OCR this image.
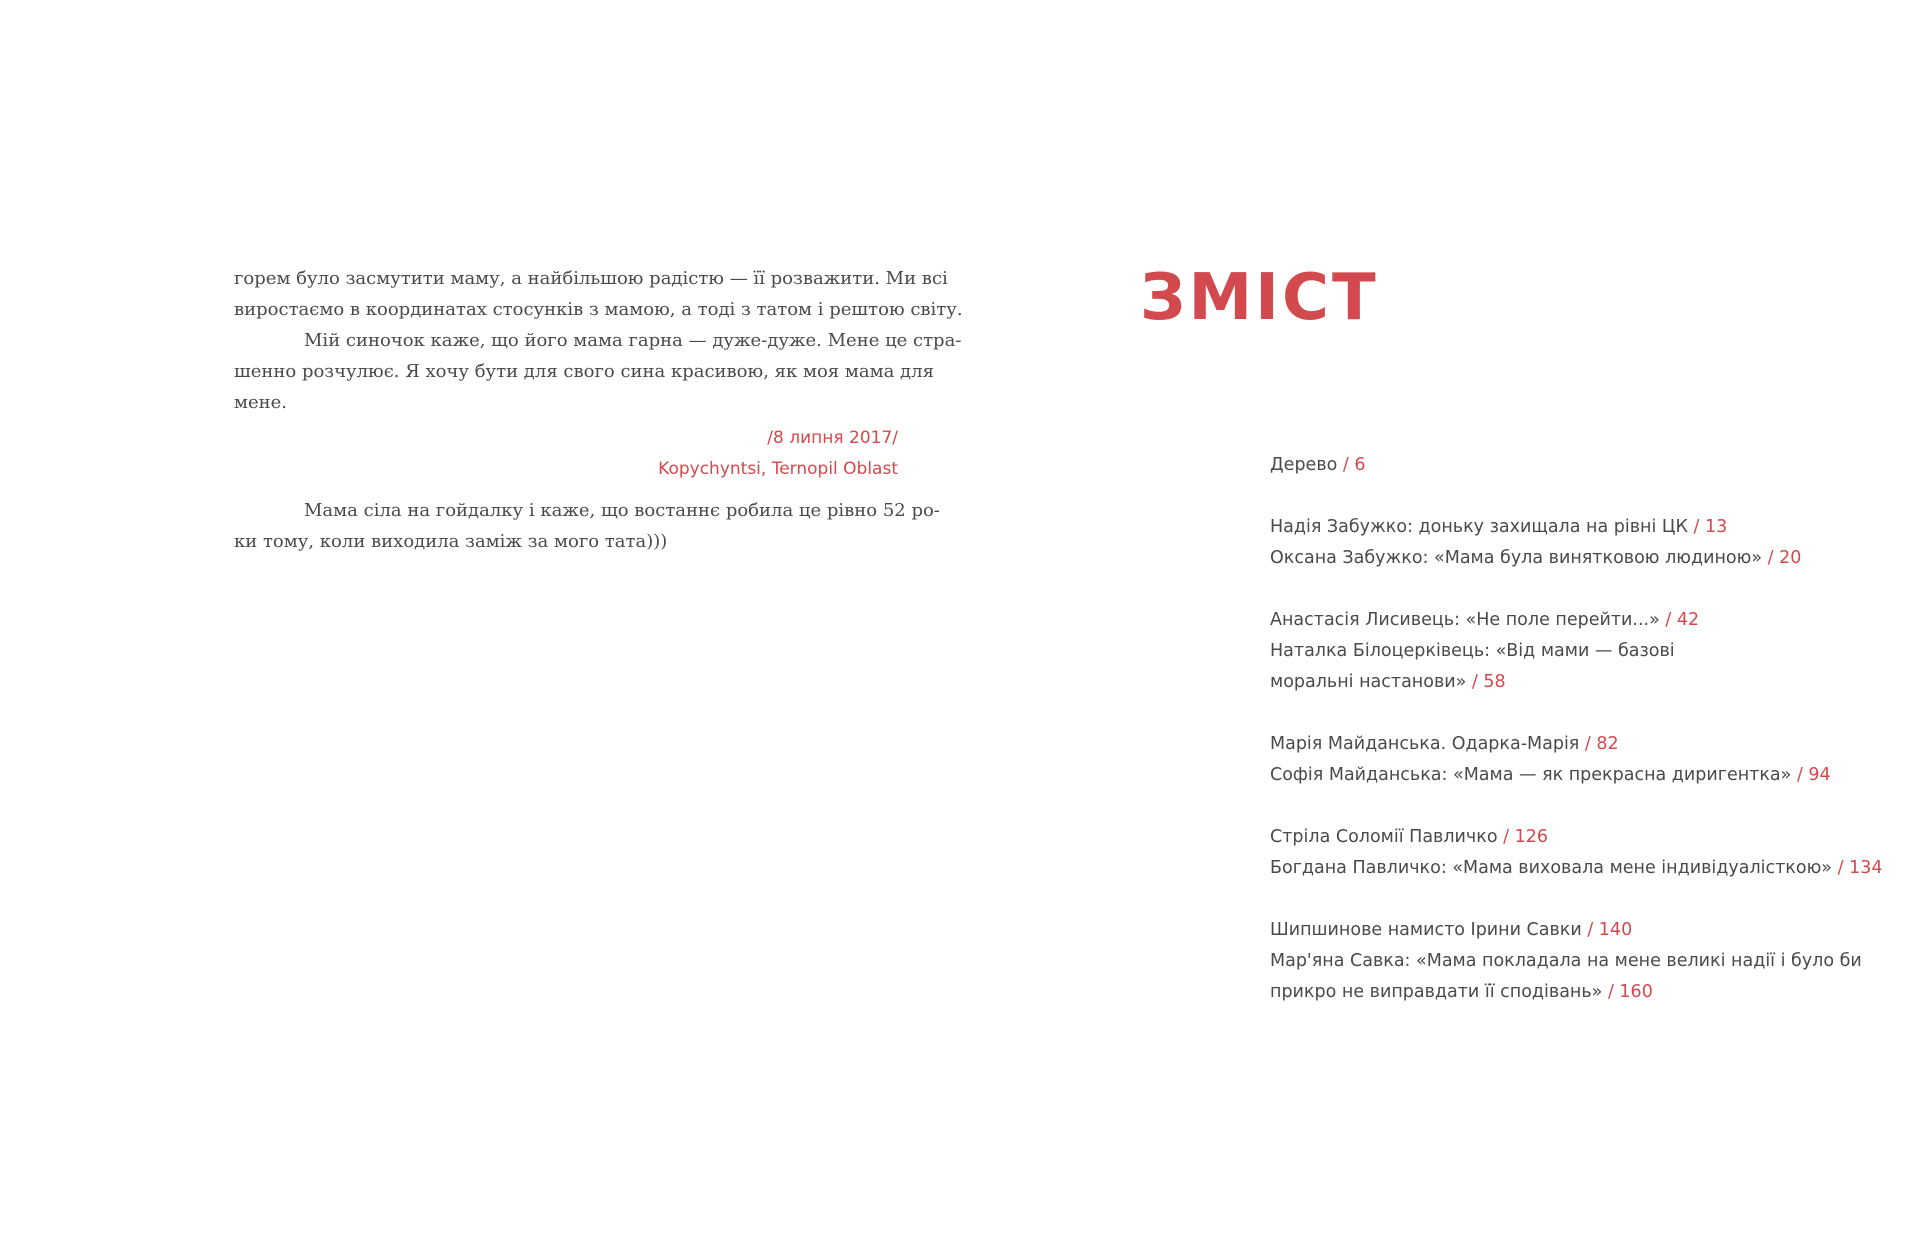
горем було засмутити маму, а найбільшою радістю — її розважити. Ми всі
виростаємо в координатах стосунків з мамою, а тоді з татом і рештою світу.

Мій синочок каже, що його мама гарна — дуже-дуже. Мене це стра-
шенно розчулює. Я хочу бути для свого сина красивою, як моя мама для
мене.

/8 липня 2017/
Kopychyntsi, Ternopil Oblast

Мама сіла на гойдалку і каже, що востаннє робила це рівно 52 ро-
ки тому, коли виходила заміж за мого тата)))

ЗМІСТ
Дерево / 6
Надія Забужко: доньку захищала на рівні ЦК / 13
Оксана Забужко: «Мама була винятковою людиною» / 20
Анастасія Лисивець: «Не поле перейти...» / 42
Наталка Білоцерківець: «Від мами — базові
моральні настанови» / 58
Марія Майданська. Одарка-Марія / 82
Софія Майданська: «Мама — як прекрасна диригентка» / 94
Стріла Соломії Павличко / 126
Богдана Павличко: «Мама виховала мене індивідуалісткою» / 134
Шипшинове намисто Ірини Савки / 140
Мар'яна Савка: «Мама покладала на мене великі надії і було би
прикро не виправдати її сподівань» / 160
